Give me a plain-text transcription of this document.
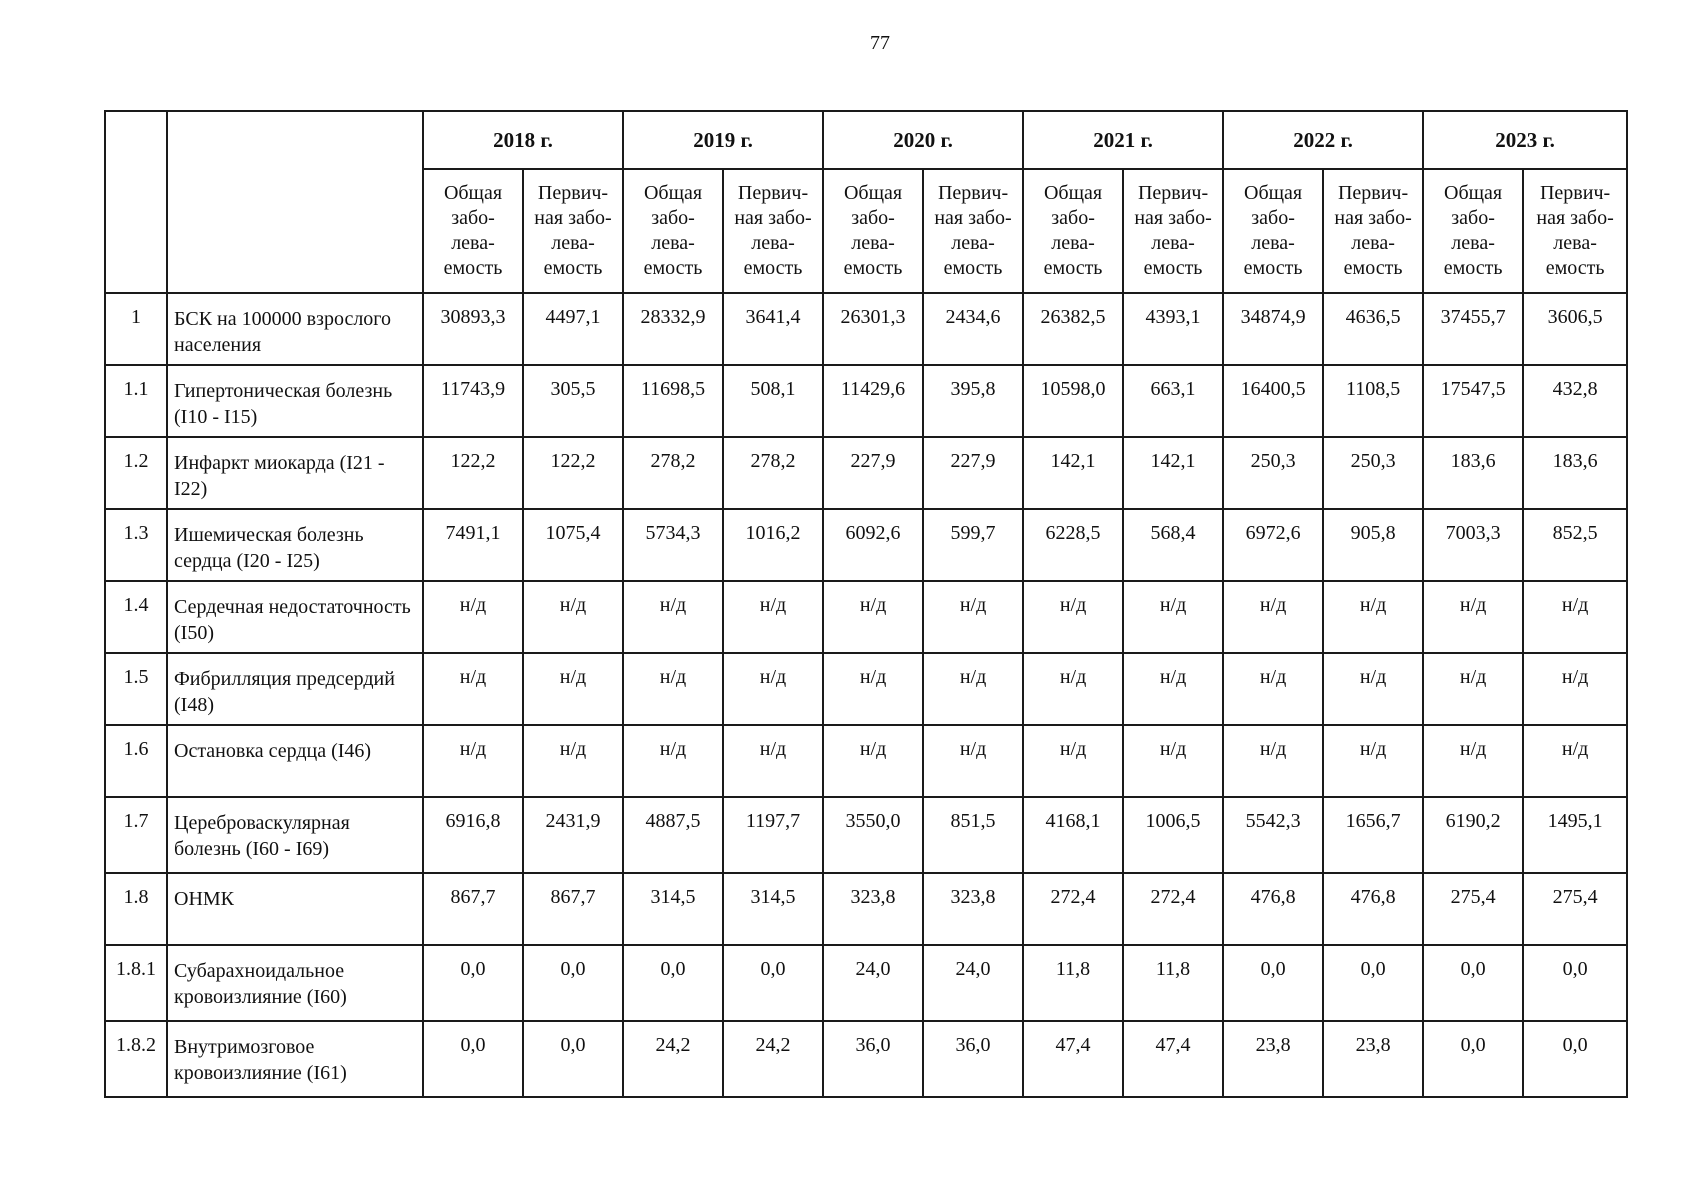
77
		2018 г.		2019 г.		2020 г.		2021 г.		2022 г.		2023 г.	
		Общая
забо-
лева-
емость	Первич-
ная забо-
лева-
емость	Общая
забо-
лева-
емость	Первич-
ная забо-
лева-
емость	Общая
забо-
лева-
емость	Первич-
ная забо-
лева-
емость	Общая
забо-
лева-
емость	Первич-
ная забо-
лева-
емость	Общая
забо-
лева-
емость	Первич-
ная забо-
лева-
емость	Общая
забо-
лева-
емость	Первич-
ная забо-
лева-
емость
1	БСК на 100000 взрослого населения	30893,3	4497,1	28332,9	3641,4	26301,3	2434,6	26382,5	4393,1	34874,9	4636,5	37455,7	3606,5
1.1	Гипертоническая болезнь (I10 - I15)	11743,9	305,5	11698,5	508,1	11429,6	395,8	10598,0	663,1	16400,5	1108,5	17547,5	432,8
1.2	Инфаркт миокарда (I21 - I22)	122,2	122,2	278,2	278,2	227,9	227,9	142,1	142,1	250,3	250,3	183,6	183,6
1.3	Ишемическая болезнь сердца (I20 - I25)	7491,1	1075,4	5734,3	1016,2	6092,6	599,7	6228,5	568,4	6972,6	905,8	7003,3	852,5
1.4	Сердечная недостаточность (I50)	н/д	н/д	н/д	н/д	н/д	н/д	н/д	н/д	н/д	н/д	н/д	н/д
1.5	Фибрилляция предсердий (I48)	н/д	н/д	н/д	н/д	н/д	н/д	н/д	н/д	н/д	н/д	н/д	н/д
1.6	Остановка сердца (I46)	н/д	н/д	н/д	н/д	н/д	н/д	н/д	н/д	н/д	н/д	н/д	н/д
1.7	Цереброваскулярная болезнь (I60 - I69)	6916,8	2431,9	4887,5	1197,7	3550,0	851,5	4168,1	1006,5	5542,3	1656,7	6190,2	1495,1
1.8	ОНМК	867,7	867,7	314,5	314,5	323,8	323,8	272,4	272,4	476,8	476,8	275,4	275,4
1.8.1	Субарахноидальное кровоизлияние (I60)	0,0	0,0	0,0	0,0	24,0	24,0	11,8	11,8	0,0	0,0	0,0	0,0
1.8.2	Внутримозговое кровоизлияние (I61)	0,0	0,0	24,2	24,2	36,0	36,0	47,4	47,4	23,8	23,8	0,0	0,0
